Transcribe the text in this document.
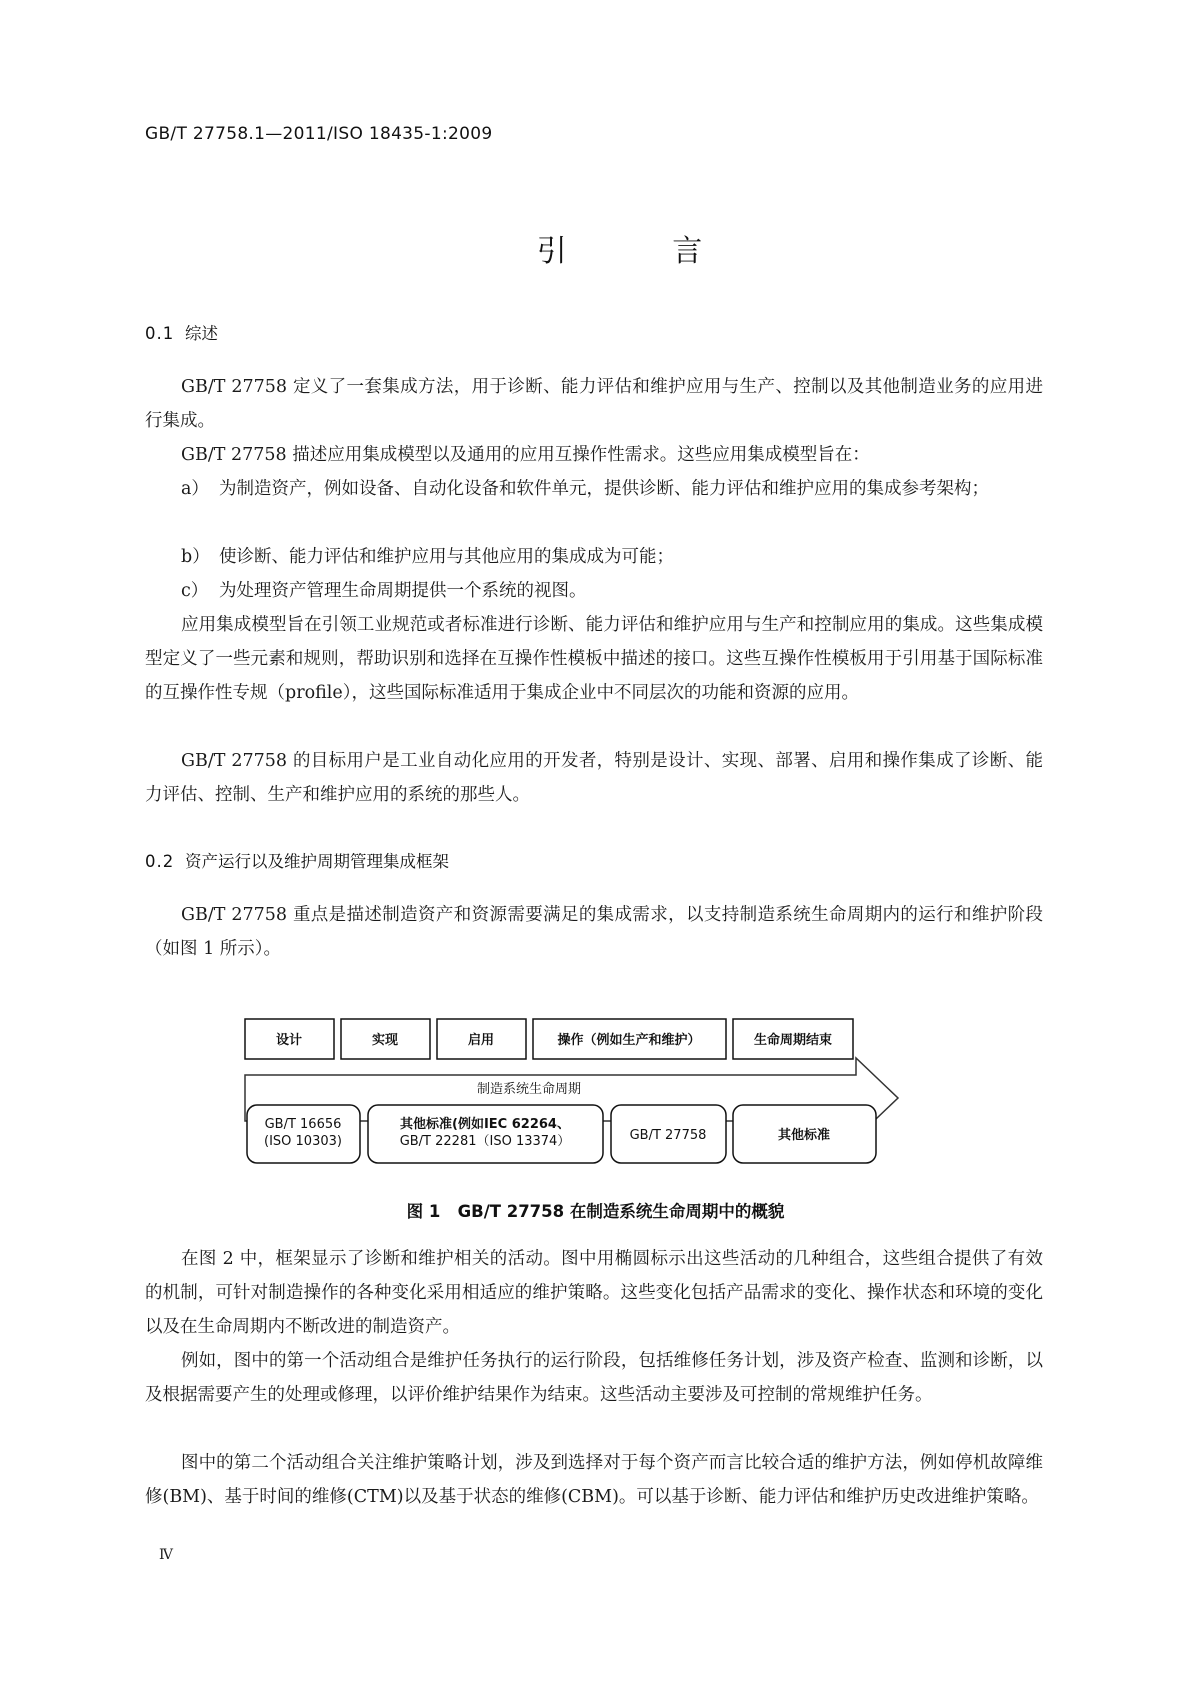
GB/T 27758.1—2011/ISO 18435-1:2009
引 言
0.1 综述

GB/T 27758 定义了一套集成方法，用于诊断、能力评估和维护应用与生产、控制以及其他制造业务的应用进行集成。

GB/T 27758 描述应用集成模型以及通用的应用互操作性需求。这些应用集成模型旨在：

a） 为制造资产，例如设备、自动化设备和软件单元，提供诊断、能力评估和维护应用的集成参考架构；
b） 使诊断、能力评估和维护应用与其他应用的集成成为可能；
c） 为处理资产管理生命周期提供一个系统的视图。

应用集成模型旨在引领工业规范或者标准进行诊断、能力评估和维护应用与生产和控制应用的集成。这些集成模型定义了一些元素和规则，帮助识别和选择在互操作性模板中描述的接口。这些互操作性模板用于引用基于国际标准的互操作性专规（profile），这些国际标准适用于集成企业中不同层次的功能和资源的应用。

GB/T 27758 的目标用户是工业自动化应用的开发者，特别是设计、实现、部署、启用和操作集成了诊断、能力评估、控制、生产和维护应用的系统的那些人。

0.2 资产运行以及维护周期管理集成框架

GB/T 27758 重点是描述制造资产和资源需要满足的集成需求，以支持制造系统生命周期内的运行和维护阶段（如图 1 所示）。

设计	实现	启用	操作（例如生产和维护）	生命周期结束
制造系统生命周期
GB/T 16656
(ISO 10303)
其他标准(例如IEC 62264、
GB/T 22281（ISO 13374）	GB/T 27758	其他标准
图 1 GB/T 27758 在制造系统生命周期中的概貌

在图 2 中，框架显示了诊断和维护相关的活动。图中用椭圆标示出这些活动的几种组合，这些组合提供了有效的机制，可针对制造操作的各种变化采用相适应的维护策略。这些变化包括产品需求的变化、操作状态和环境的变化以及在生命周期内不断改进的制造资产。

例如，图中的第一个活动组合是维护任务执行的运行阶段，包括维修任务计划，涉及资产检查、监测和诊断，以及根据需要产生的处理或修理，以评价维护结果作为结束。这些活动主要涉及可控制的常规维护任务。

图中的第二个活动组合关注维护策略计划，涉及到选择对于每个资产而言比较合适的维护方法，例如停机故障维修(BM)、基于时间的维修(CTM)以及基于状态的维修(CBM)。可以基于诊断、能力评估和维护历史改进维护策略。

Ⅳ
